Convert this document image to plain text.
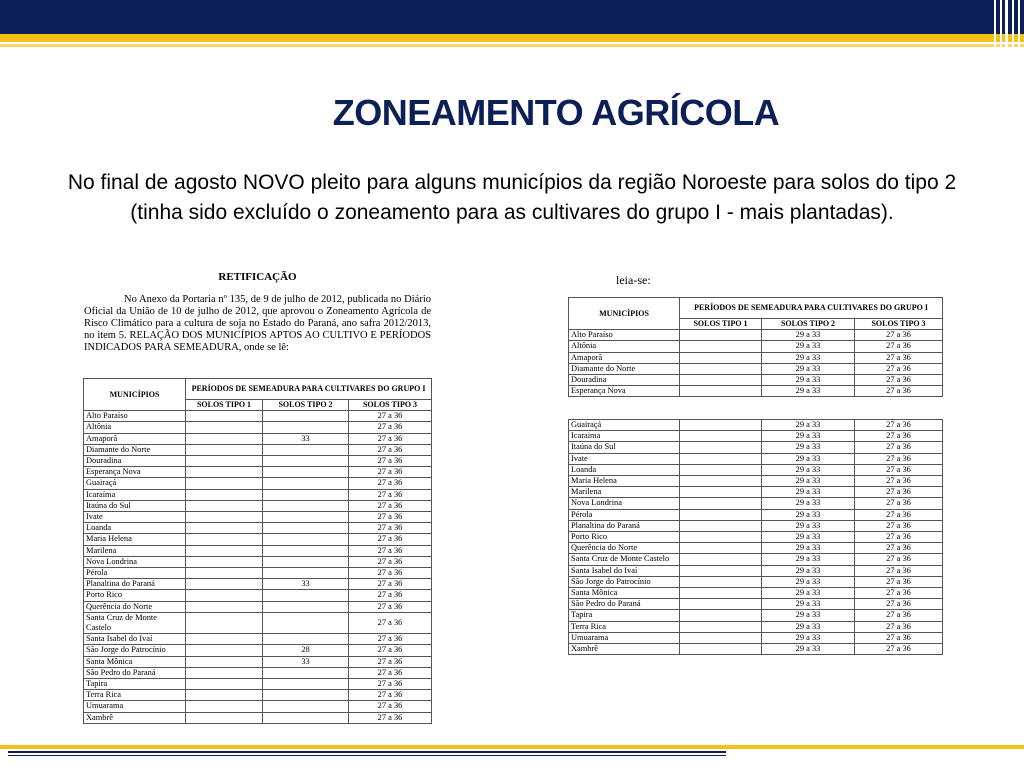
ZONEAMENTO AGRÍCOLA
No final de agosto NOVO pleito para alguns municípios da região Noroeste para solos do tipo 2 (tinha sido excluído o zoneamento para as cultivares do grupo I - mais plantadas).
RETIFICAÇÃO
No Anexo da Portaria nº 135, de 9 de julho de 2012, publicada no Diário Oficial da União de 10 de julho de 2012, que aprovou o Zoneamento Agrícola de Risco Climático para a cultura de soja no Estado do Paraná, ano safra 2012/2013, no item 5. RELAÇÃO DOS MUNICÍPIOS APTOS AO CULTIVO E PERÍODOS INDICADOS PARA SEMEADURA, onde se lê:
MUNICÍPIOS	PERÍODOS DE SEMEADURA PARA CULTIVARES DO GRUPO I		
	SOLOS TIPO 1	SOLOS TIPO 2	SOLOS TIPO 3
Alto Paraíso			27 a 36
Altônia			27 a 36
Amaporã		33	27 a 36
Diamante do Norte			27 a 36
Douradina			27 a 36
Esperança Nova			27 a 36
Guairaçá			27 a 36
Icaraíma			27 a 36
Itaúna do Sul			27 a 36
Ivate			27 a 36
Loanda			27 a 36
Maria Helena			27 a 36
Marilena			27 a 36
Nova Londrina			27 a 36
Pérola			27 a 36
Planaltina do Paraná		33	27 a 36
Porto Rico			27 a 36
Querência do Norte			27 a 36
Santa Cruz de Monte Castelo			27 a 36
Santa Isabel do Ivaí			27 a 36
São Jorge do Patrocínio		28	27 a 36
Santa Mônica		33	27 a 36
São Pedro do Paraná			27 a 36
Tapira			27 a 36
Terra Rica			27 a 36
Umuarama			27 a 36
Xambrê			27 a 36
leia-se:
MUNICÍPIOS	PERÍODOS DE SEMEADURA PARA CULTIVARES DO GRUPO I		
	SOLOS TIPO 1	SOLOS TIPO 2	SOLOS TIPO 3
Alto Paraíso		29 a 33	27 a 36
Altônia		29 a 33	27 a 36
Amaporã		29 a 33	27 a 36
Diamante do Norte		29 a 33	27 a 36
Douradina		29 a 33	27 a 36
Esperança Nova		29 a 33	27 a 36
Guairaçá		29 a 33	27 a 36
Icaraima		29 a 33	27 a 36
Itaúna do Sul		29 a 33	27 a 36
Ivate		29 a 33	27 a 36
Loanda		29 a 33	27 a 36
Maria Helena		29 a 33	27 a 36
Marilena		29 a 33	27 a 36
Nova Londrina		29 a 33	27 a 36
Pérola		29 a 33	27 a 36
Planaltina do Paraná		29 a 33	27 a 36
Porto Rico		29 a 33	27 a 36
Querência do Norte		29 a 33	27 a 36
Santa Cruz de Monte Castelo		29 a 33	27 a 36
Santa Isabel do Ivaí		29 a 33	27 a 36
São Jorge do Patrocínio		29 a 33	27 a 36
Santa Mônica		29 a 33	27 a 36
São Pedro do Paraná		29 a 33	27 a 36
Tapira		29 a 33	27 a 36
Terra Rica		29 a 33	27 a 36
Umuarama		29 a 33	27 a 36
Xambrê		29 a 33	27 a 36
